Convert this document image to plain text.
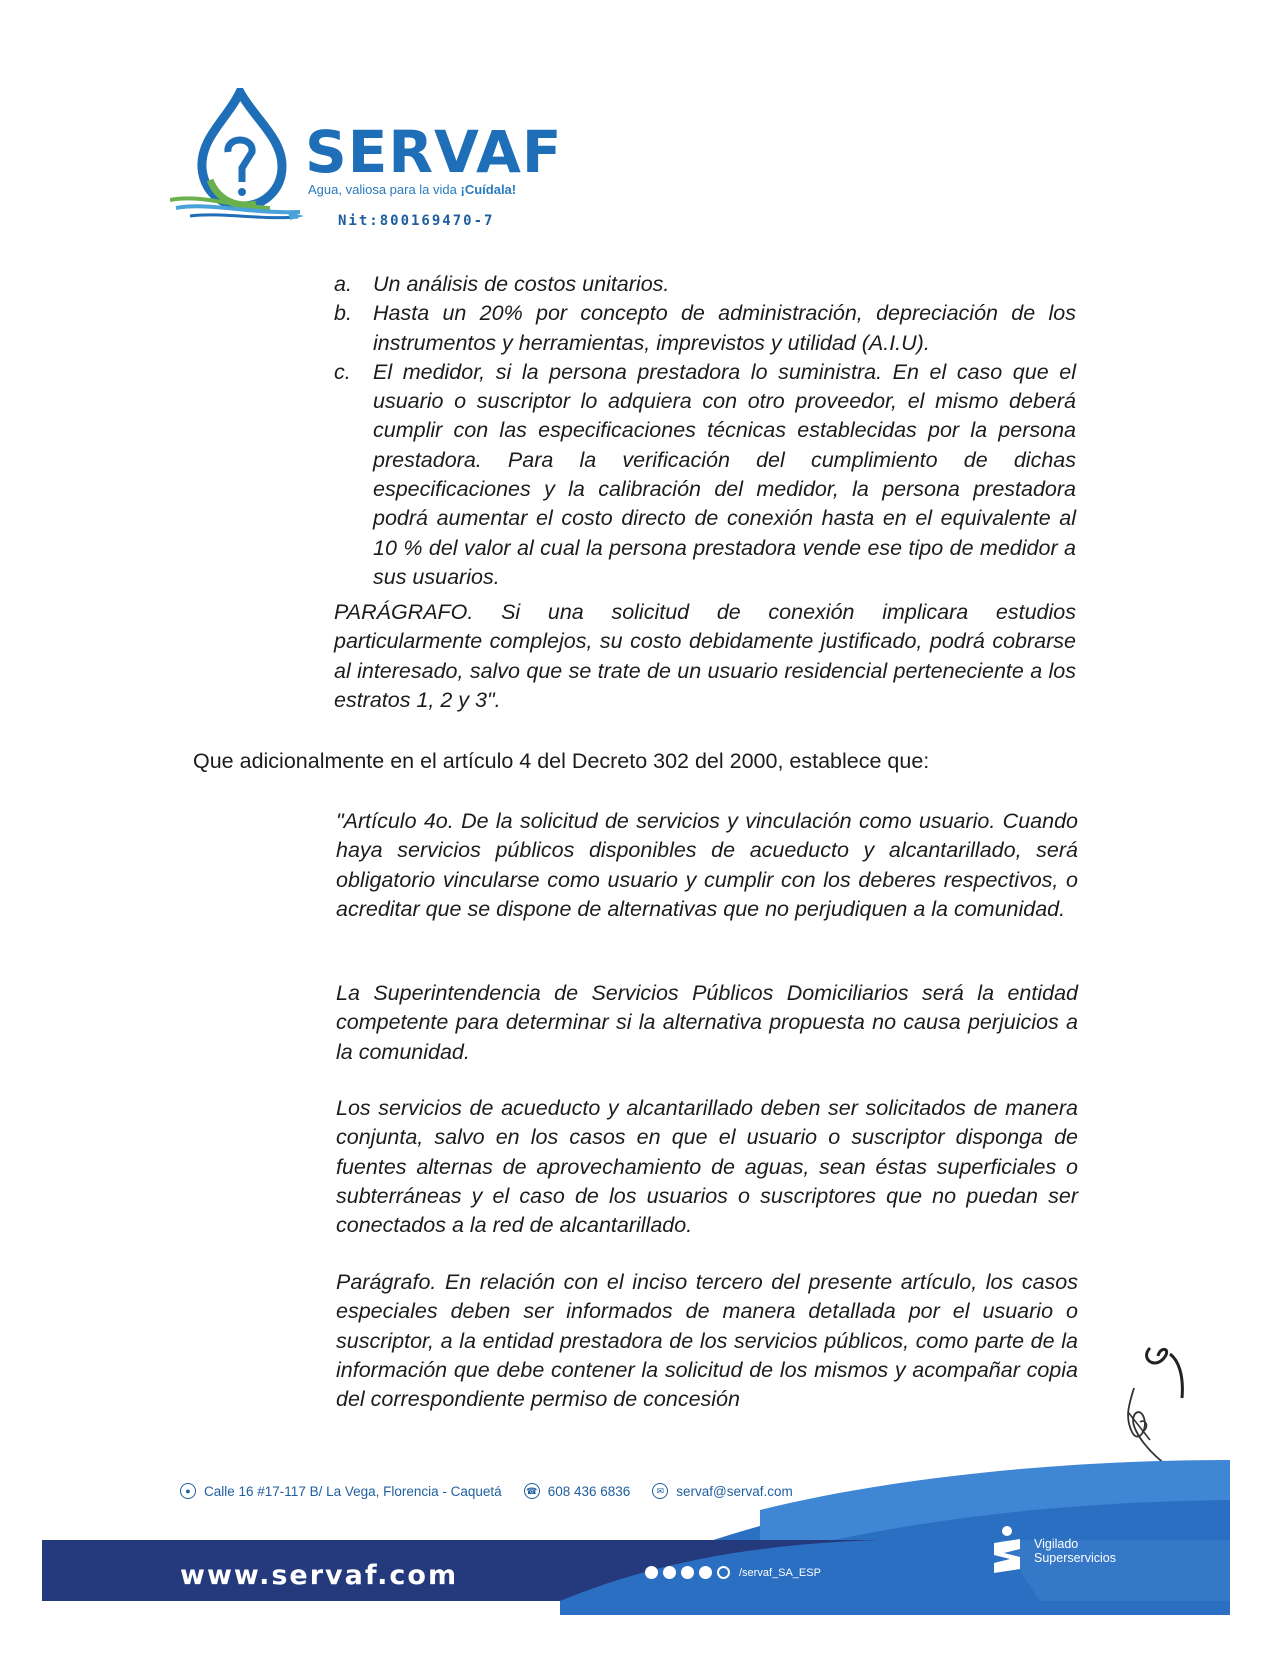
SERVAF
Agua, valiosa para la vida ¡Cuídala!
Nit:800169470-7
a. Un análisis de costos unitarios.
b. Hasta un 20% por concepto de administración, depreciación de los instrumentos y herramientas, imprevistos y utilidad (A.I.U).
c. El medidor, si la persona prestadora lo suministra. En el caso que el usuario o suscriptor lo adquiera con otro proveedor, el mismo deberá cumplir con las especificaciones técnicas establecidas por la persona prestadora. Para la verificación del cumplimiento de dichas especificaciones y la calibración del medidor, la persona prestadora podrá aumentar el costo directo de conexión hasta en el equivalente al 10 % del valor al cual la persona prestadora vende ese tipo de medidor a sus usuarios.
PARÁGRAFO. Si una solicitud de conexión implicara estudios particularmente complejos, su costo debidamente justificado, podrá cobrarse al interesado, salvo que se trate de un usuario residencial perteneciente a los estratos 1, 2 y 3".
Que adicionalmente en el artículo 4 del Decreto 302 del 2000, establece que:
"Artículo 4o. De la solicitud de servicios y vinculación como usuario. Cuando haya servicios públicos disponibles de acueducto y alcantarillado, será obligatorio vincularse como usuario y cumplir con los deberes respectivos, o acreditar que se dispone de alternativas que no perjudiquen a la comunidad.
La Superintendencia de Servicios Públicos Domiciliarios será la entidad competente para determinar si la alternativa propuesta no causa perjuicios a la comunidad.
Los servicios de acueducto y alcantarillado deben ser solicitados de manera conjunta, salvo en los casos en que el usuario o suscriptor disponga de fuentes alternas de aprovechamiento de aguas, sean éstas superficiales o subterráneas y el caso de los usuarios o suscriptores que no puedan ser conectados a la red de alcantarillado.
Parágrafo. En relación con el inciso tercero del presente artículo, los casos especiales deben ser informados de manera detallada por el usuario o suscriptor, a la entidad prestadora de los servicios públicos, como parte de la información que debe contener la solicitud de los mismos y acompañar copia del correspondiente permiso de concesión
● Calle 16 #17-117 B/ La Vega, Florencia - Caquetá	☎ 608 436 6836	✉ servaf@servaf.com
www.servaf.com	/servaf_SA_ESP
Vigilado
Superservicios
